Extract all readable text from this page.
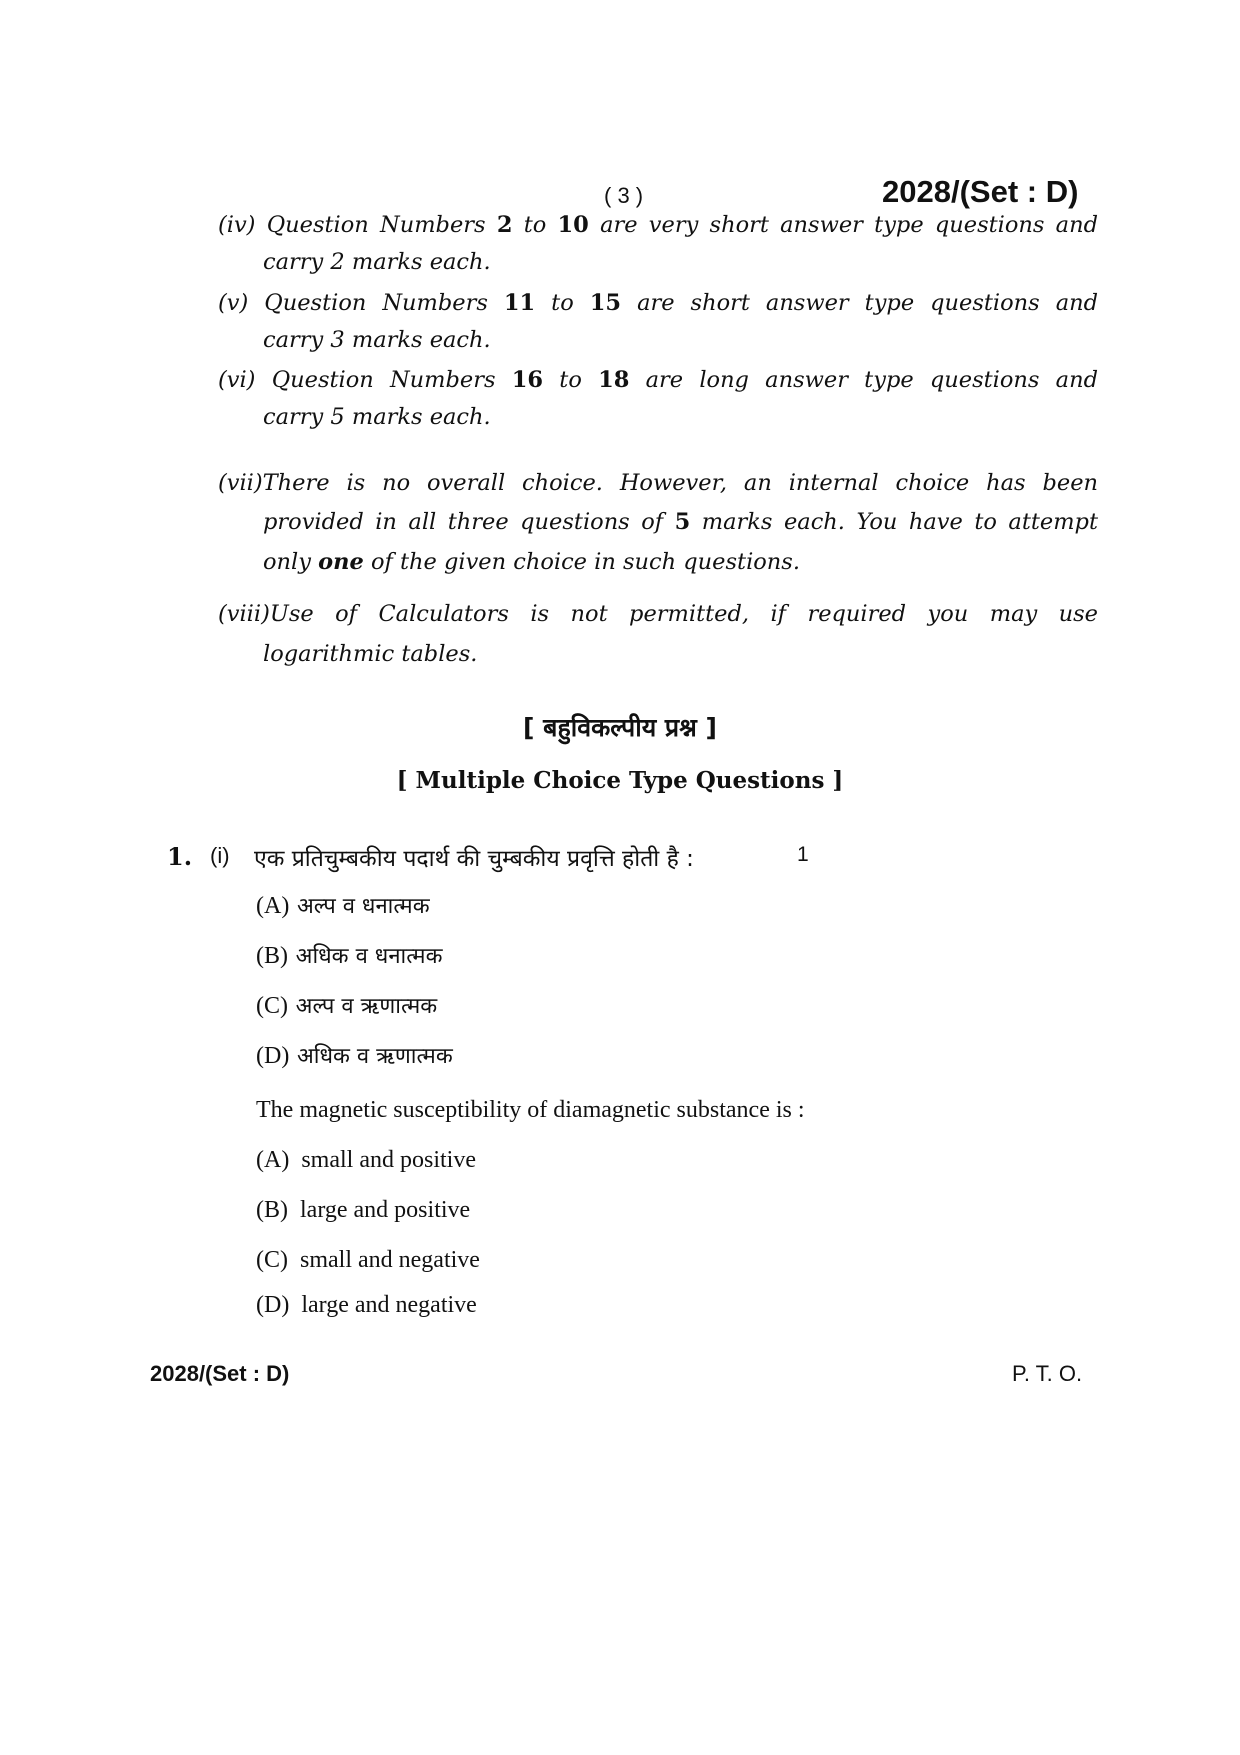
( 3 )	2028/(Set : D)
(iv) Question Numbers 2 to 10 are very short answer type questions and
carry 2 marks each.
(v) Question Numbers 11 to 15 are short answer type questions and
carry 3 marks each.
(vi) Question Numbers 16 to 18 are long answer type questions and
carry 5 marks each.
(vii)There is no overall choice. However, an internal choice has been
provided in all three questions of 5 marks each. You have to attempt
only one of the given choice in such questions.
(viii)Use of Calculators is not permitted, if required you may use
logarithmic tables.
[ बहुविकल्पीय प्रश्न ]
[ Multiple Choice Type Questions ]
1. (i) एक प्रतिचुम्बकीय पदार्थ की चुम्बकीय प्रवृत्ति होती है :	1
(A) अल्प व धनात्मक
(B) अधिक व धनात्मक
(C) अल्प व ऋणात्मक
(D) अधिक व ऋणात्मक
The magnetic susceptibility of diamagnetic substance is :
(A) small and positive
(B) large and positive
(C) small and negative
(D) large and negative
2028/(Set : D)	P. T. O.
